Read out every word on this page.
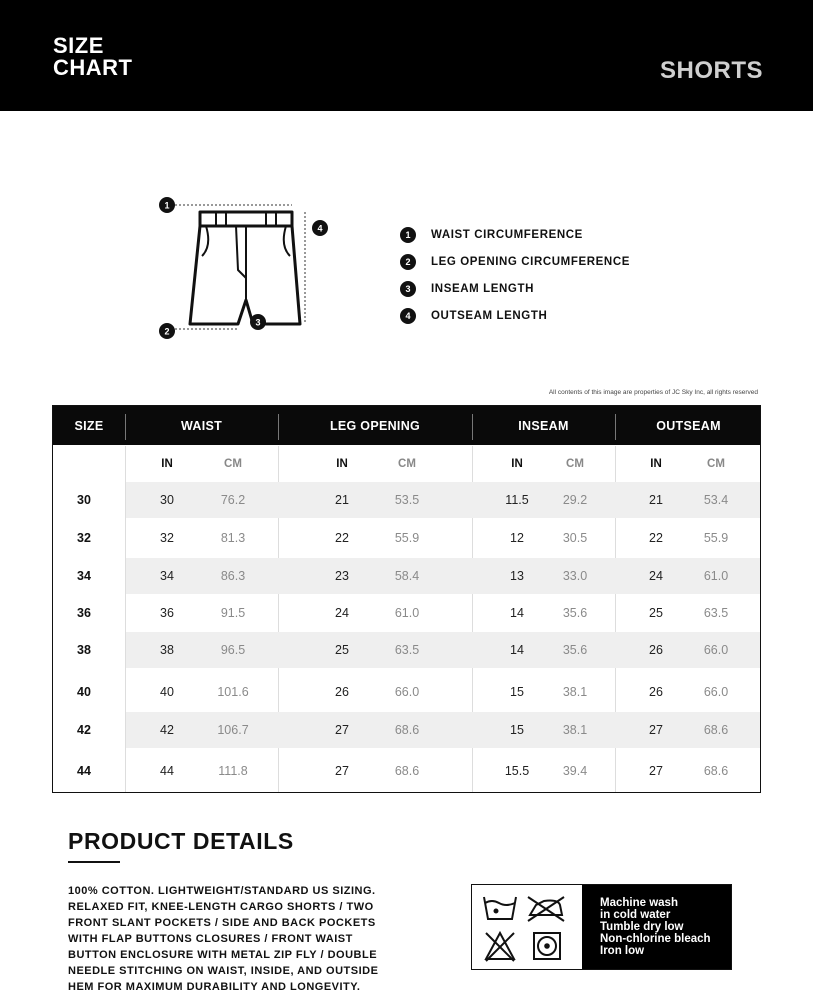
SIZE
CHART	SHORTS
1
2
3
4
1	WAIST CIRCUMFERENCE
2	LEG OPENING CIRCUMFERENCE
3	INSEAM LENGTH
4	OUTSEAM LENGTH
All contents of this image are properties of JC Sky Inc, all rights reserved
SIZE	WAIST	LEG OPENING	INSEAM	OUTSEAM
IN	CM	IN	CM	IN	CM	IN	CM
30	30	76.2	21	53.5	11.5	29.2	21	53.4
32	32	81.3	22	55.9	12	30.5	22	55.9
34	34	86.3	23	58.4	13	33.0	24	61.0
36	36	91.5	24	61.0	14	35.6	25	63.5
38	38	96.5	25	63.5	14	35.6	26	66.0
40	40	101.6	26	66.0	15	38.1	26	66.0
42	42	106.7	27	68.6	15	38.1	27	68.6
44	44	111.8	27	68.6	15.5	39.4	27	68.6
PRODUCT DETAILS
100% COTTON. LIGHTWEIGHT/STANDARD US SIZING.
RELAXED FIT, KNEE-LENGTH CARGO SHORTS / TWO
FRONT SLANT POCKETS / SIDE AND BACK POCKETS
WITH FLAP BUTTONS CLOSURES / FRONT WAIST
BUTTON ENCLOSURE WITH METAL ZIP FLY / DOUBLE
NEEDLE STITCHING ON WAIST, INSIDE, AND OUTSIDE
HEM FOR MAXIMUM DURABILITY AND LONGEVITY.
Machine wash
in cold water
Tumble dry low
Non-chlorine bleach
Iron low
